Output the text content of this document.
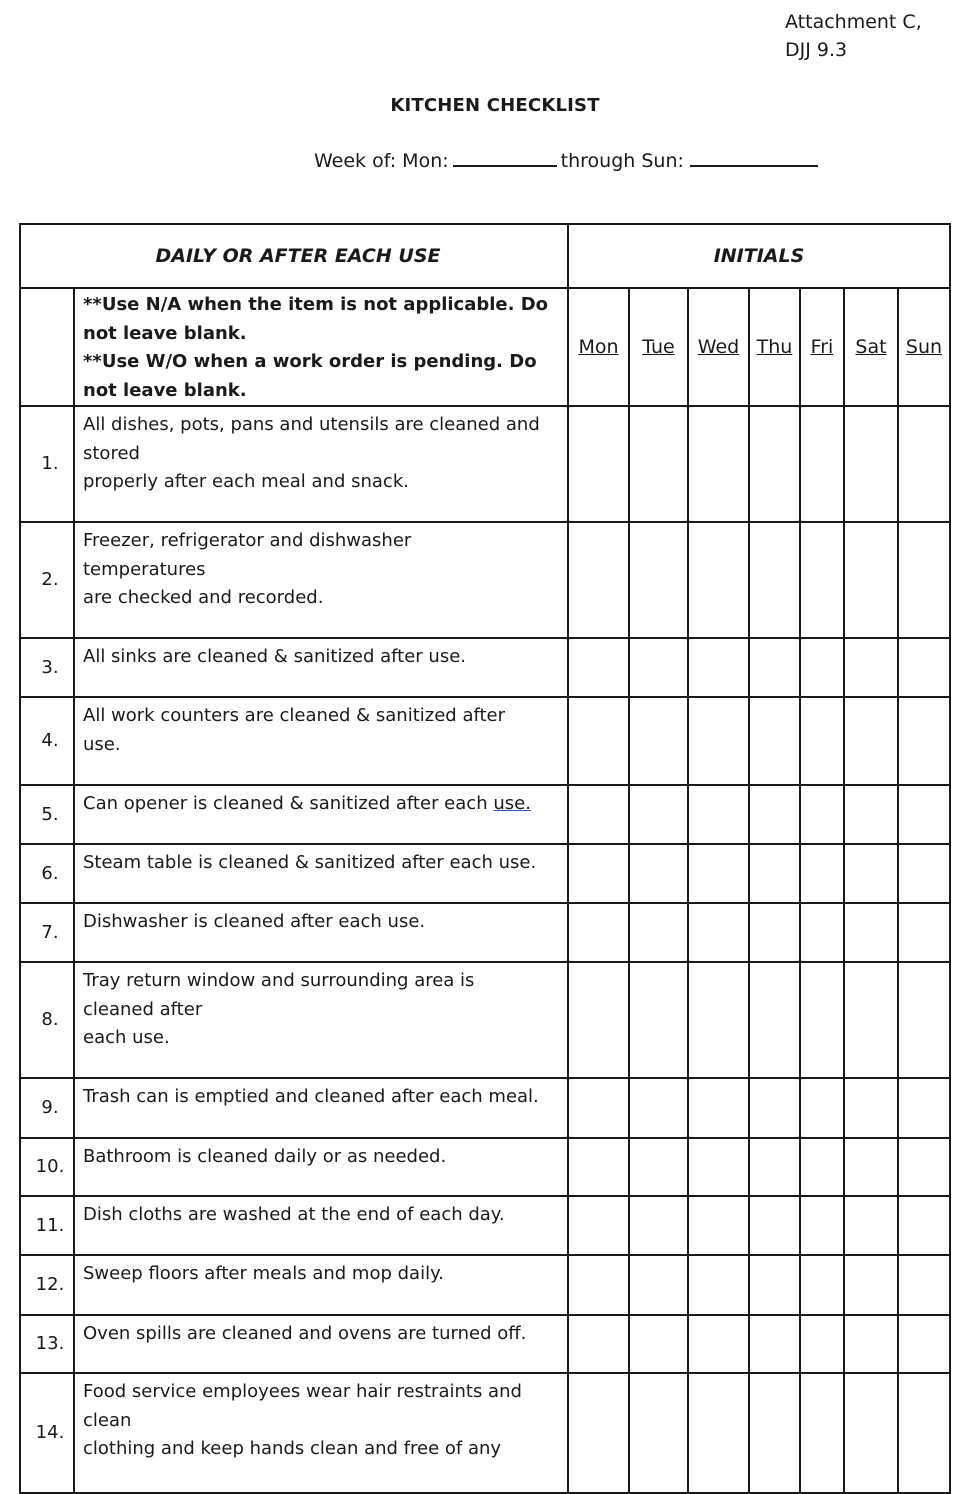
Attachment C,
DJJ 9.3
KITCHEN CHECKLIST
Week of: Mon:	through Sun:
DAILY OR AFTER EACH USE		INITIALS						

	**Use N/A when the item is not applicable. Do
not leave blank.
**Use W/O when a work order is pending. Do
not leave blank.	Mon	Tue	Wed	Thu	Fri	Sat	Sun
1.	All dishes, pots, pans and utensils are cleaned and
stored
properly after each meal and snack.							

2.	Freezer, refrigerator and dishwasher
temperatures
are checked and recorded.							

3.	All sinks are cleaned & sanitized after use.							

4.	All work counters are cleaned & sanitized after
use.							

5.	Can opener is cleaned & sanitized after each use.							

6.	Steam table is cleaned & sanitized after each use.							

7.	Dishwasher is cleaned after each use.							

8.	Tray return window and surrounding area is
cleaned after
each use.							

9.	Trash can is emptied and cleaned after each meal.							

10.	Bathroom is cleaned daily or as needed.							

11.	Dish cloths are washed at the end of each day.							

12.	Sweep floors after meals and mop daily.							

13.	Oven spills are cleaned and ovens are turned off.							

14.	Food service employees wear hair restraints and
clean
clothing and keep hands clean and free of any							
